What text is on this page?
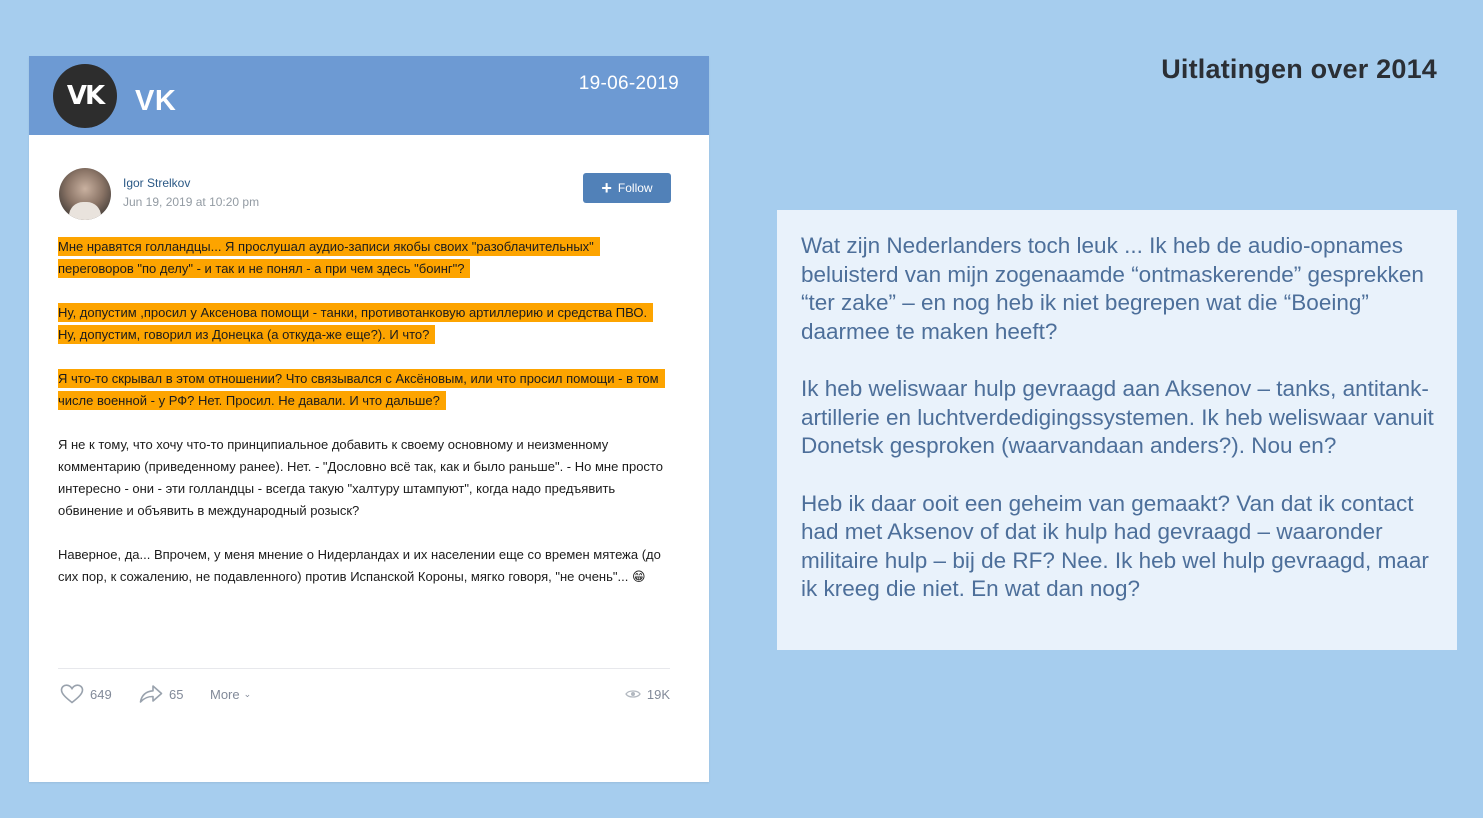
Uitlatingen over 2014
VK	VK
19-06-2019
Igor Strelkov
Jun 19, 2019 at 10:20 pm
+ Follow

Мне нравятся голландцы... Я прослушал аудио-записи якобы своих "разоблачительных" переговоров "по делу" - и так и не понял - а при чем здесь "боинг"?

Ну, допустим ,просил у Аксенова помощи - танки, противотанковую артиллерию и средства ПВО. Ну, допустим, говорил из Донецка (а откуда-же еще?). И что?

Я что-то скрывал в этом отношении? Что связывался с Аксёновым, или что просил помощи - в том числе военной - у РФ? Нет. Просил. Не давали. И что дальше?

Я не к тому, что хочу что-то принципиальное добавить к своему основному и неизменному комментарию (приведенному ранее). Нет. - "Дословно всё так, как и было раньше". - Но мне просто интересно - они - эти голландцы - всегда такую "халтуру штампуют", когда надо предъявить обвинение и объявить в международный розыск?

Наверное, да... Впрочем, у меня мнение о Нидерландах и их населении еще со времен мятежа (до сих пор, к сожалению, не подавленного) против Испанской Короны, мягко говоря, "не очень"... 😁

649	65 More ⌄	19K

Wat zijn Nederlanders toch leuk ... Ik heb de audio-opnames beluisterd van mijn zogenaamde “ontmaskerende” gesprekken “ter zake” – en nog heb ik niet begrepen wat die “Boeing” daarmee te maken heeft?

Ik heb weliswaar hulp gevraagd aan Aksenov – tanks, antitank-artillerie en luchtverdedigingssystemen. Ik heb weliswaar vanuit Donetsk gesproken (waarvandaan anders?). Nou en?

Heb ik daar ooit een geheim van gemaakt? Van dat ik contact had met Aksenov of dat ik hulp had gevraagd – waaronder militaire hulp – bij de RF? Nee. Ik heb wel hulp gevraagd, maar ik kreeg die niet. En wat dan nog?
